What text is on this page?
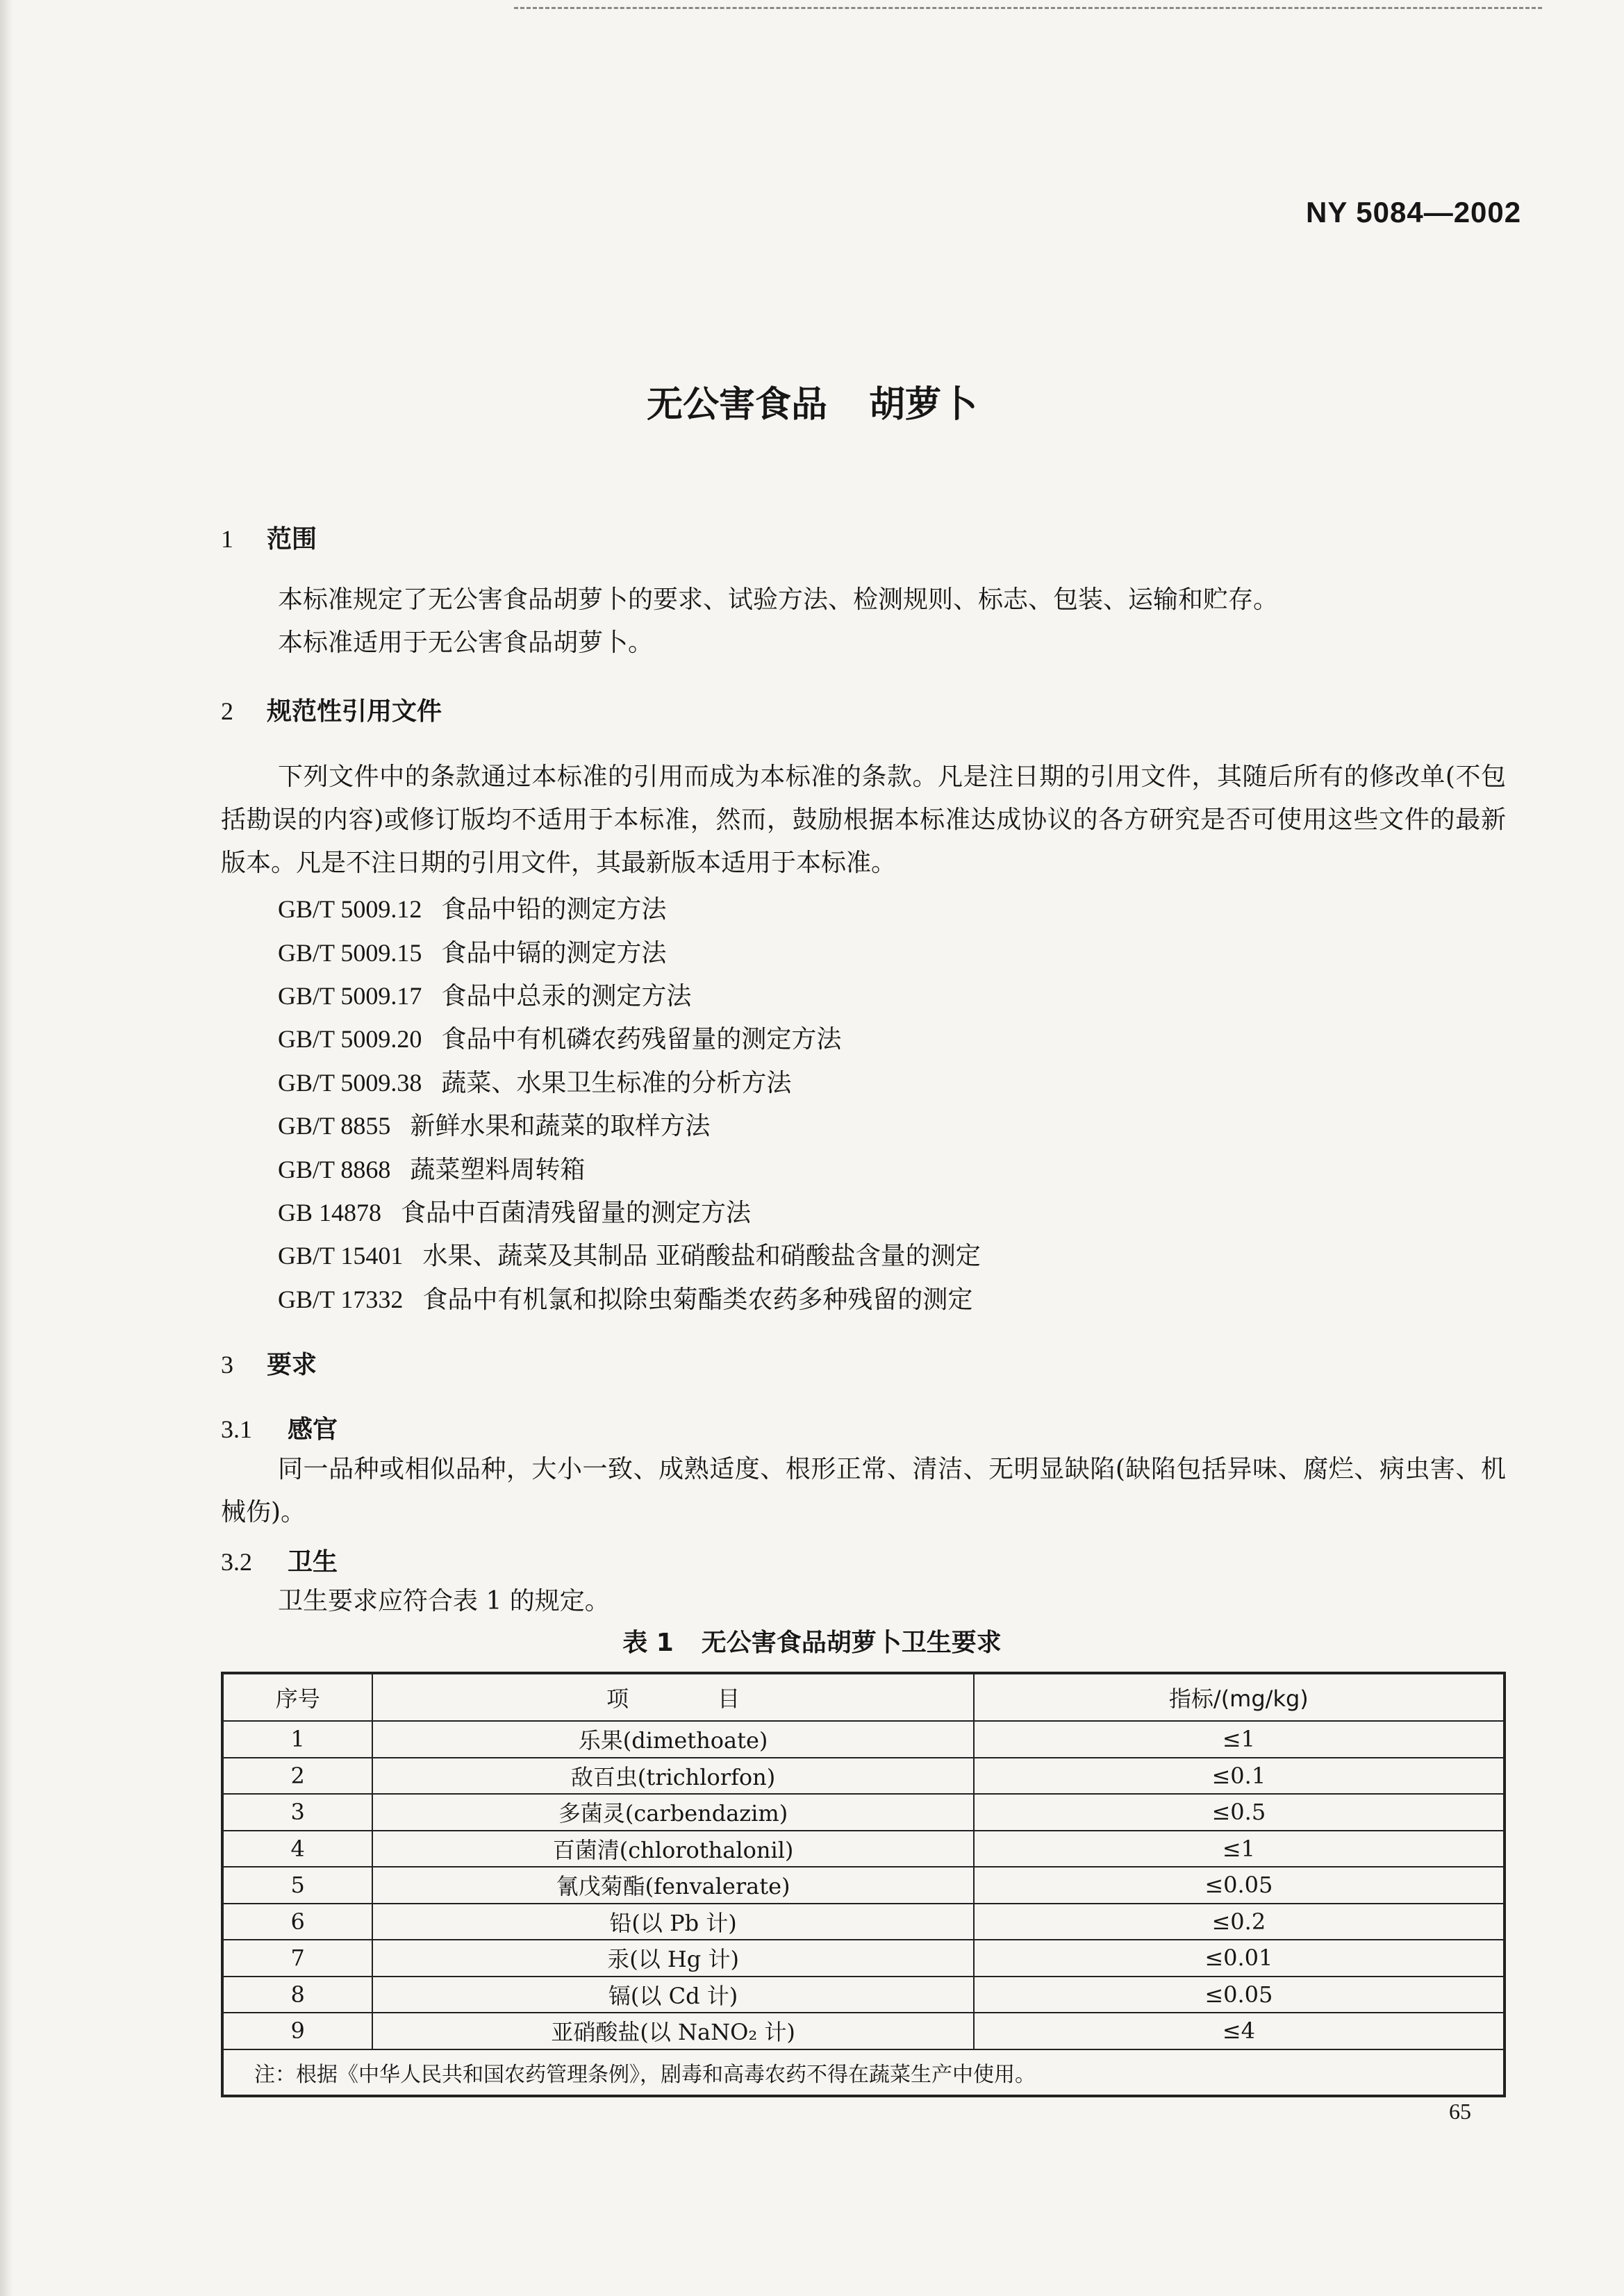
NY 5084—2002
无公害食品 胡萝卜
1 范围
本标准规定了无公害食品胡萝卜的要求、试验方法、检测规则、标志、包装、运输和贮存。
本标准适用于无公害食品胡萝卜。
2 规范性引用文件
下列文件中的条款通过本标准的引用而成为本标准的条款。凡是注日期的引用文件，其随后所有的修改单(不包括勘误的内容)或修订版均不适用于本标准，然而，鼓励根据本标准达成协议的各方研究是否可使用这些文件的最新版本。凡是不注日期的引用文件，其最新版本适用于本标准。
GB/T 5009.12 食品中铅的测定方法
GB/T 5009.15 食品中镉的测定方法
GB/T 5009.17 食品中总汞的测定方法
GB/T 5009.20 食品中有机磷农药残留量的测定方法
GB/T 5009.38 蔬菜、水果卫生标准的分析方法
GB/T 8855 新鲜水果和蔬菜的取样方法
GB/T 8868 蔬菜塑料周转箱
GB 14878 食品中百菌清残留量的测定方法
GB/T 15401 水果、蔬菜及其制品 亚硝酸盐和硝酸盐含量的测定
GB/T 17332 食品中有机氯和拟除虫菊酯类农药多种残留的测定
3 要求
3.1 感官
同一品种或相似品种，大小一致、成熟适度、根形正常、清洁、无明显缺陷(缺陷包括异味、腐烂、病虫害、机械伤)。
3.2 卫生
卫生要求应符合表 1 的规定。
表 1 无公害食品胡萝卜卫生要求
序号	项　　　　目	指标/(mg/kg)
1	乐果(dimethoate)	≤1
2	敌百虫(trichlorfon)	≤0.1
3	多菌灵(carbendazim)	≤0.5
4	百菌清(chlorothalonil)	≤1
5	氰戊菊酯(fenvalerate)	≤0.05
6	铅(以 Pb 计)	≤0.2
7	汞(以 Hg 计)	≤0.01
8	镉(以 Cd 计)	≤0.05
9	亚硝酸盐(以 NaNO₂ 计)	≤4
注：根据《中华人民共和国农药管理条例》，剧毒和高毒农药不得在蔬菜生产中使用。		
65
